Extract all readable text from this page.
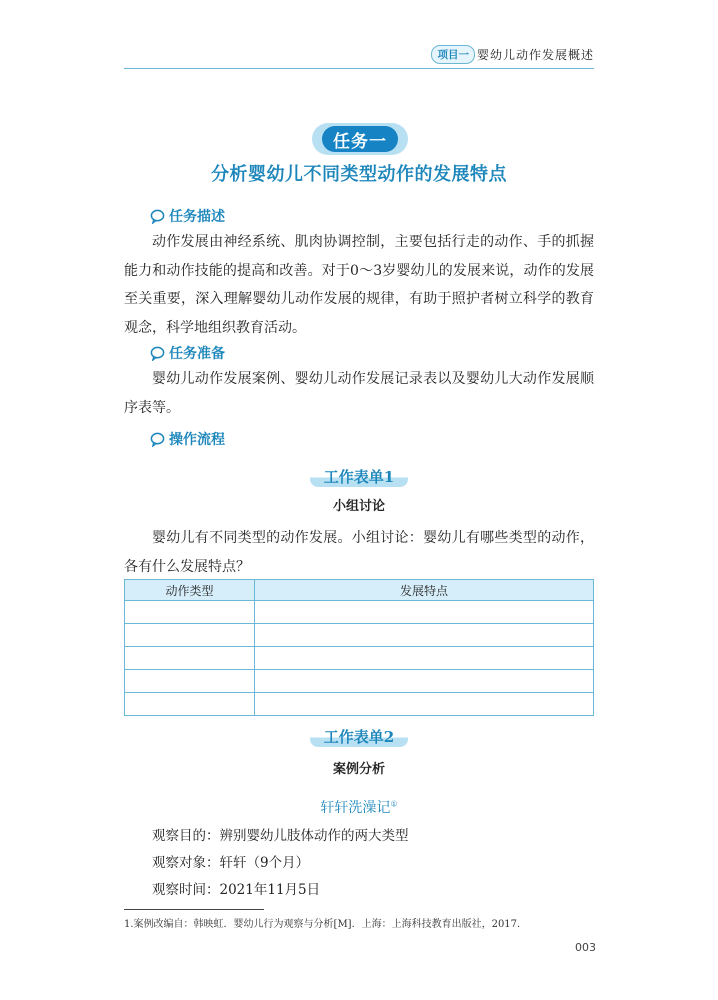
项目一 婴幼儿动作发展概述
任务一
分析婴幼儿不同类型动作的发展特点
任务描述
动作发展由神经系统、肌肉协调控制，主要包括行走的动作、手的抓握能力和动作技能的提高和改善。对于0～3岁婴幼儿的发展来说，动作的发展至关重要，深入理解婴幼儿动作发展的规律，有助于照护者树立科学的教育观念，科学地组织教育活动。
任务准备
婴幼儿动作发展案例、婴幼儿动作发展记录表以及婴幼儿大动作发展顺序表等。
操作流程
工作表单1
小组讨论
婴幼儿有不同类型的动作发展。小组讨论：婴幼儿有哪些类型的动作，各有什么发展特点？
动作类型	发展特点

工作表单2
案例分析
轩轩洗澡记①
观察目的：辨别婴幼儿肢体动作的两大类型
观察对象：轩轩（9个月）
观察时间：2021年11月5日
1.案例改编自：韩映虹．婴幼儿行为观察与分析[M]．上海：上海科技教育出版社，2017．
003
